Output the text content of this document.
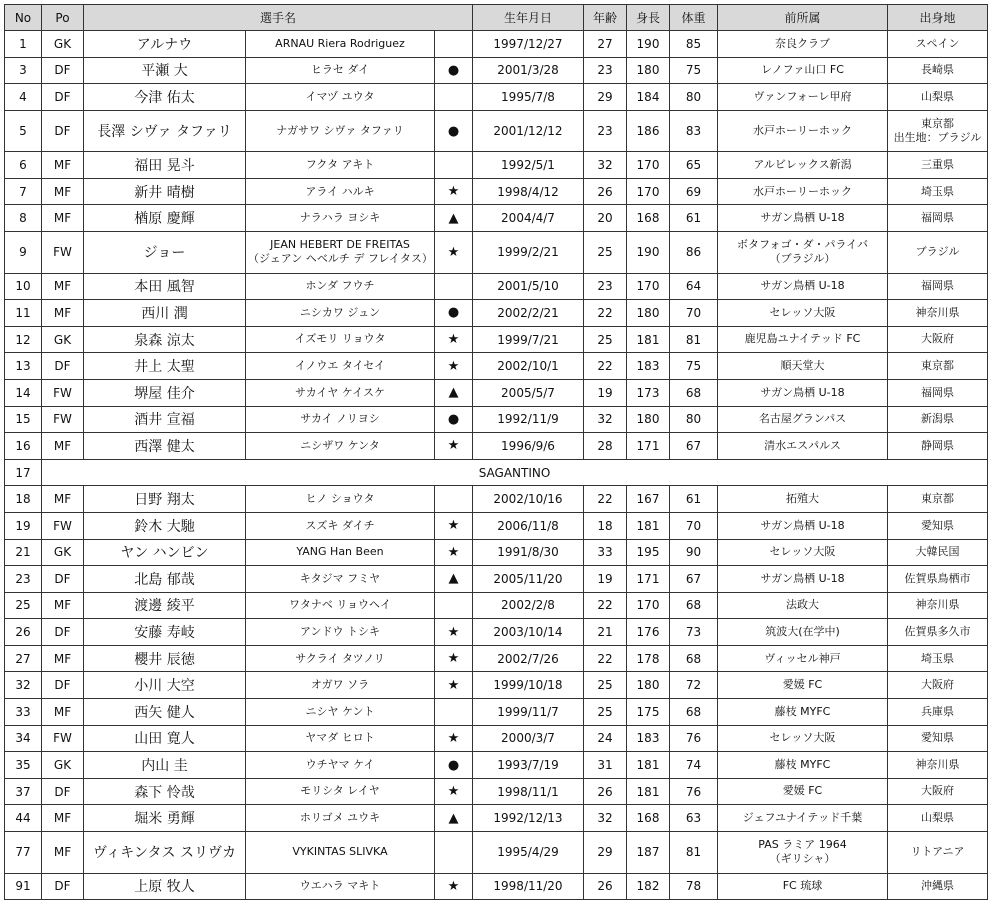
No	Po	選手名			生年月日	年齢	身長	体重	前所属	出身地
1	GK	アルナウ	ARNAU Riera Rodriguez		1997/12/27	27	190	85	奈良クラブ	スペイン

3	DF	平瀬 大	ヒラセ ダイ	●	2001/3/28	23	180	75	レノファ山口 FC	長崎県

4	DF	今津 佑太	イマヅ ユウタ		1995/7/8	29	184	80	ヴァンフォーレ甲府	山梨県

5	DF	長澤 シヴァ タファリ	ナガサワ シヴァ タファリ	●	2001/12/12	23	186	83	水戸ホーリーホック	東京都
出生地：ブラジル

6	MF	福田 晃斗	フクタ アキト		1992/5/1	32	170	65	アルビレックス新潟	三重県

7	MF	新井 晴樹	アライ ハルキ	★	1998/4/12	26	170	69	水戸ホーリーホック	埼玉県

8	MF	楢原 慶輝	ナラハラ ヨシキ	▲	2004/4/7	20	168	61	サガン鳥栖 U-18	福岡県

9	FW	ジョー	JEAN HEBERT DE FREITAS
（ジェアン ヘベルチ デ フレイタス）	★	1999/2/21	25	190	86	ボタフォゴ・ダ・パライバ
（ブラジル）	ブラジル

10	MF	本田 風智	ホンダ フウチ		2001/5/10	23	170	64	サガン鳥栖 U-18	福岡県

11	MF	西川 潤	ニシカワ ジュン	●	2002/2/21	22	180	70	セレッソ大阪	神奈川県

12	GK	泉森 涼太	イズモリ リョウタ	★	1999/7/21	25	181	81	鹿児島ユナイテッド FC	大阪府

13	DF	井上 太聖	イノウエ タイセイ	★	2002/10/1	22	183	75	順天堂大	東京都

14	FW	堺屋 佳介	サカイヤ ケイスケ	▲	2005/5/7	19	173	68	サガン鳥栖 U-18	福岡県

15	FW	酒井 宣福	サカイ ノリヨシ	●	1992/11/9	32	180	80	名古屋グランパス	新潟県

16	MF	西澤 健太	ニシザワ ケンタ	★	1996/9/6	28	171	67	清水エスパルス	静岡県

17	SAGANTINO									
18	MF	日野 翔太	ヒノ ショウタ		2002/10/16	22	167	61	拓殖大	東京都

19	FW	鈴木 大馳	スズキ ダイチ	★	2006/11/8	18	181	70	サガン鳥栖 U-18	愛知県

21	GK	ヤン ハンビン	YANG Han Been	★	1991/8/30	33	195	90	セレッソ大阪	大韓民国

23	DF	北島 郁哉	キタジマ フミヤ	▲	2005/11/20	19	171	67	サガン鳥栖 U-18	佐賀県鳥栖市

25	MF	渡邊 綾平	ワタナベ リョウヘイ		2002/2/8	22	170	68	法政大	神奈川県

26	DF	安藤 寿岐	アンドウ トシキ	★	2003/10/14	21	176	73	筑波大(在学中)	佐賀県多久市

27	MF	櫻井 辰徳	サクライ タツノリ	★	2002/7/26	22	178	68	ヴィッセル神戸	埼玉県

32	DF	小川 大空	オガワ ソラ	★	1999/10/18	25	180	72	愛媛 FC	大阪府

33	MF	西矢 健人	ニシヤ ケント		1999/11/7	25	175	68	藤枝 MYFC	兵庫県

34	FW	山田 寛人	ヤマダ ヒロト	★	2000/3/7	24	183	76	セレッソ大阪	愛知県

35	GK	内山 圭	ウチヤマ ケイ	●	1993/7/19	31	181	74	藤枝 MYFC	神奈川県

37	DF	森下 怜哉	モリシタ レイヤ	★	1998/11/1	26	181	76	愛媛 FC	大阪府

44	MF	堀米 勇輝	ホリゴメ ユウキ	▲	1992/12/13	32	168	63	ジェフユナイテッド千葉	山梨県

77	MF	ヴィキンタス スリヴカ	VYKINTAS SLIVKA		1995/4/29	29	187	81	PAS ラミア 1964
（ギリシャ）	リトアニア

91	DF	上原 牧人	ウエハラ マキト	★	1998/11/20	26	182	78	FC 琉球	沖縄県
